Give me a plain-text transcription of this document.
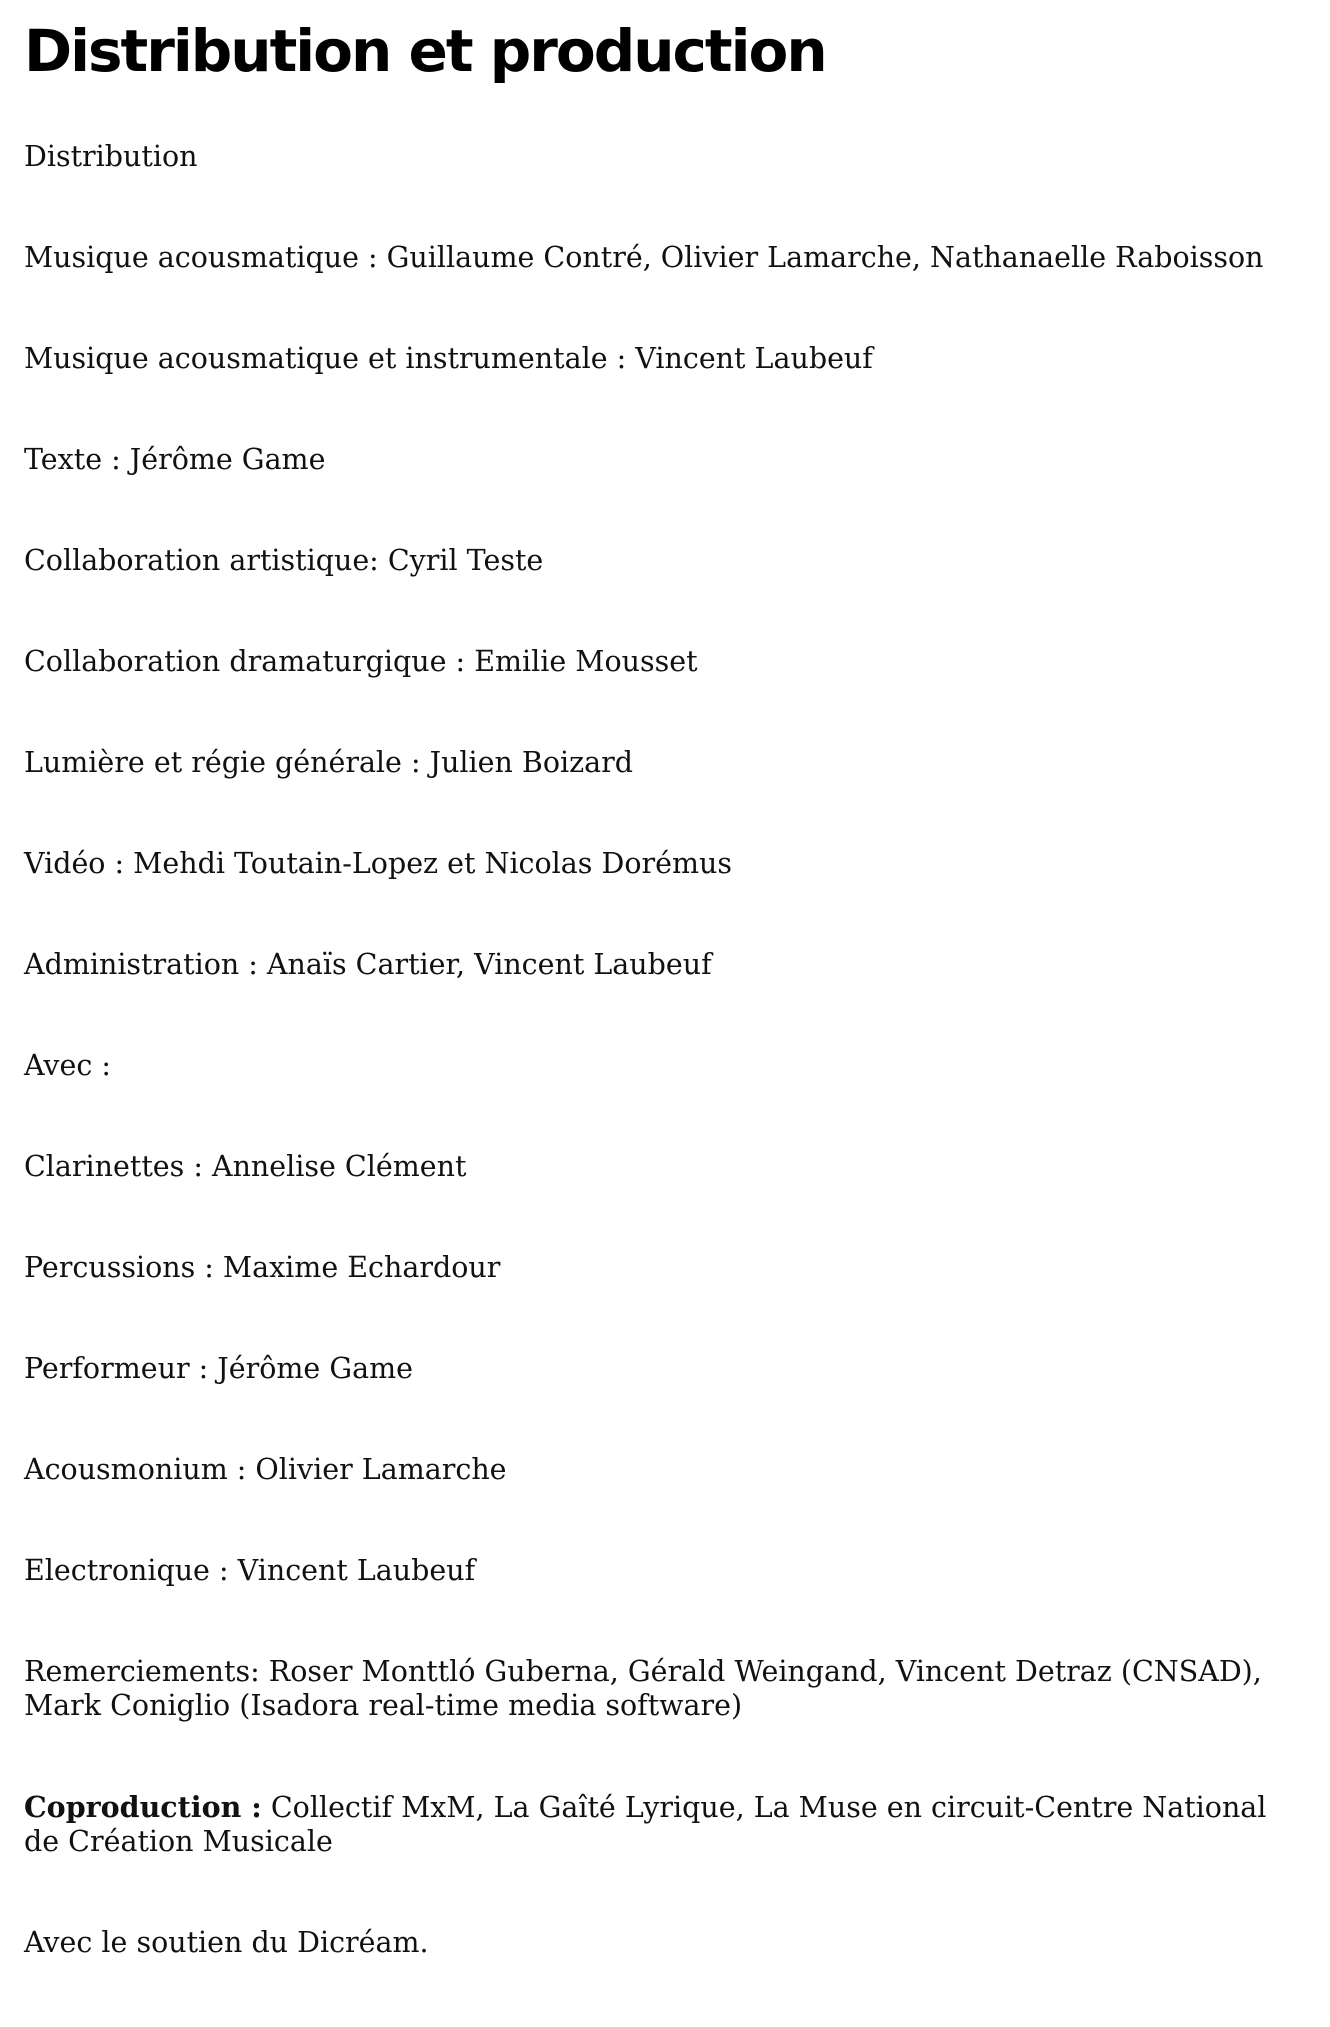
Distribution et production

Distribution

Musique acousmatique : Guillaume Contré, Olivier Lamarche, Nathanaelle Raboisson

Musique acousmatique et instrumentale : Vincent Laubeuf

Texte : Jérôme Game

Collaboration artistique: Cyril Teste

Collaboration dramaturgique : Emilie Mousset

Lumière et régie générale : Julien Boizard

Vidéo : Mehdi Toutain-Lopez et Nicolas Dorémus

Administration : Anaïs Cartier, Vincent Laubeuf

Avec :

Clarinettes : Annelise Clément

Percussions : Maxime Echardour

Performeur : Jérôme Game

Acousmonium : Olivier Lamarche

Electronique : Vincent Laubeuf

Remerciements: Roser Monttló Guberna, Gérald Weingand, Vincent Detraz (CNSAD), Mark Coniglio (Isadora real-time media software)

Coproduction : Collectif MxM, La Gaîté Lyrique, La Muse en circuit-Centre National de Création Musicale

Avec le soutien du Dicréam.
